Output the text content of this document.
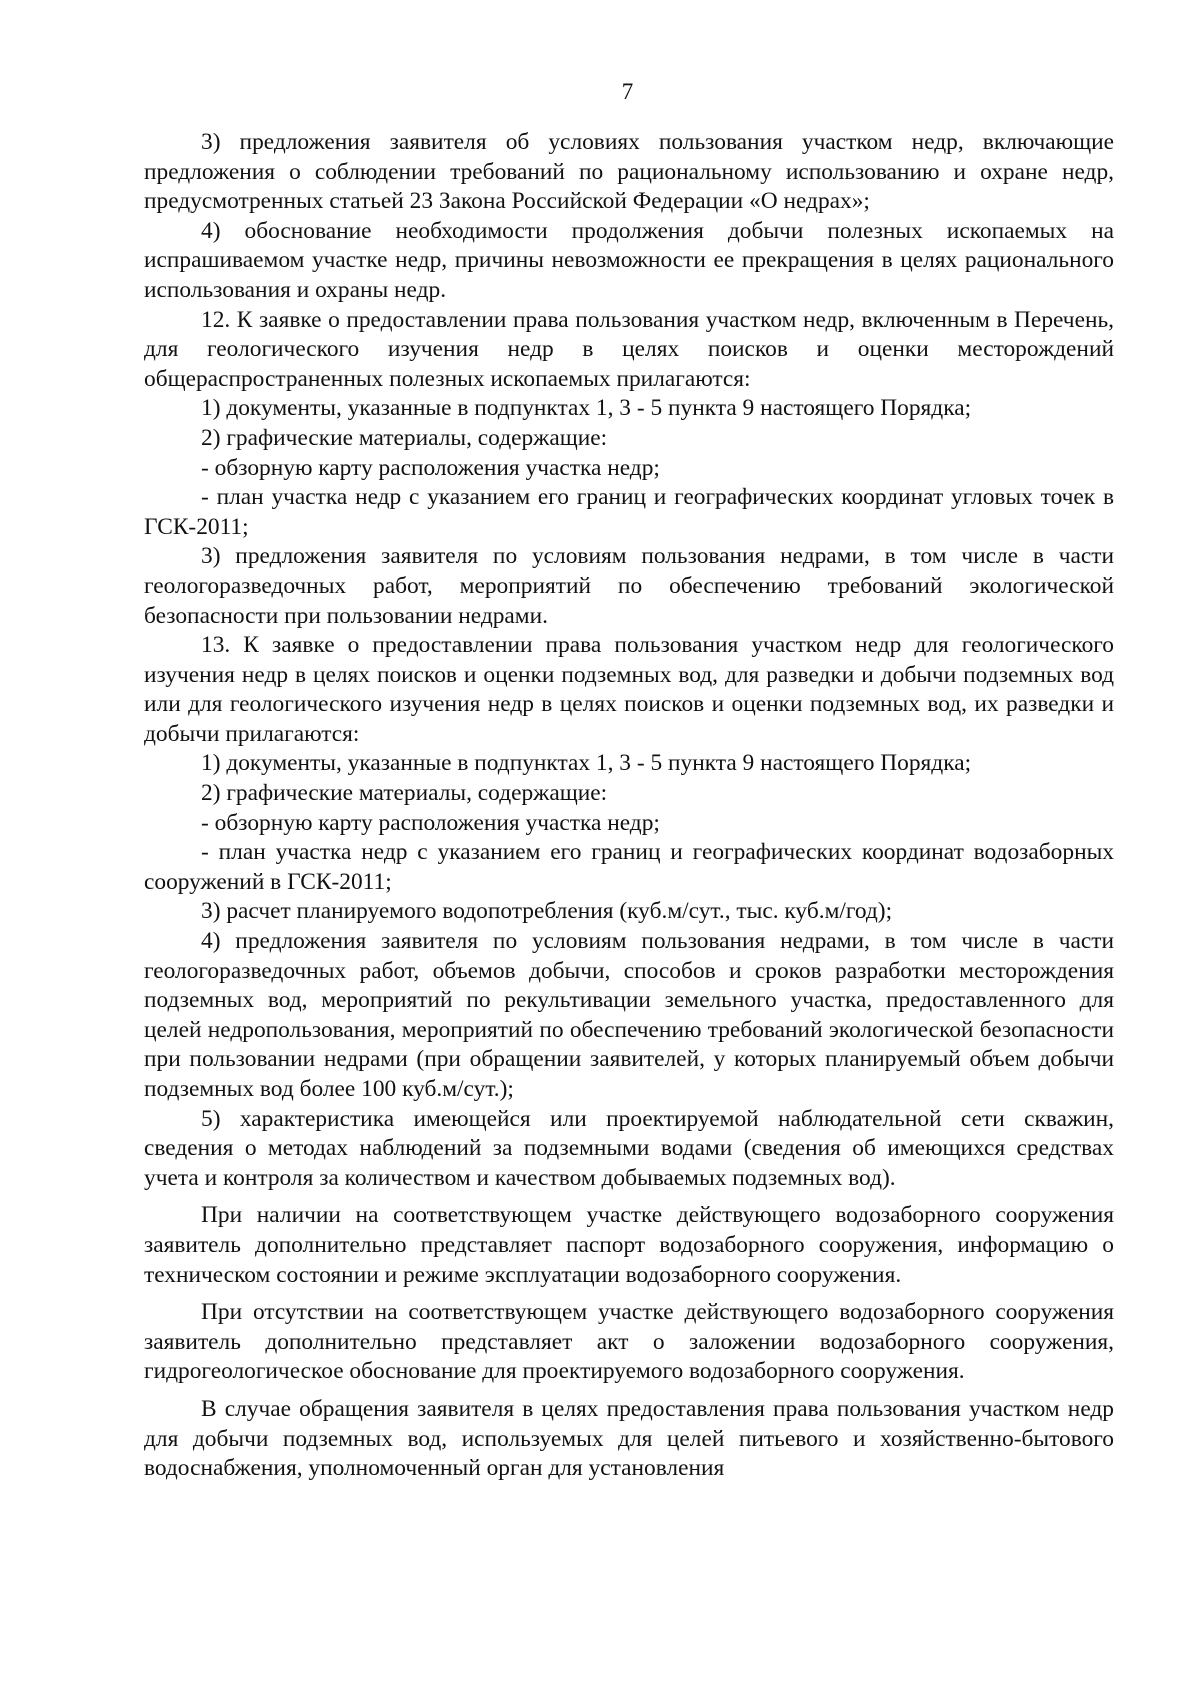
7

3) предложения заявителя об условиях пользования участком недр, включающие предложения о соблюдении требований по рациональному использованию и охране недр, предусмотренных статьей 23 Закона Российской Федерации «О недрах»;

4) обоснование необходимости продолжения добычи полезных ископаемых на испрашиваемом участке недр, причины невозможности ее прекращения в целях рационального использования и охраны недр.

12. К заявке о предоставлении права пользования участком недр, включенным в Перечень, для геологического изучения недр в целях поисков и оценки месторождений общераспространенных полезных ископаемых прилагаются:

1) документы, указанные в подпунктах 1, 3 - 5 пункта 9 настоящего Порядка;

2) графические материалы, содержащие:

- обзорную карту расположения участка недр;

- план участка недр с указанием его границ и географических координат угловых точек в ГСК-2011;

3) предложения заявителя по условиям пользования недрами, в том числе в части геологоразведочных работ, мероприятий по обеспечению требований экологической безопасности при пользовании недрами.

13. К заявке о предоставлении права пользования участком недр для геологического изучения недр в целях поисков и оценки подземных вод, для разведки и добычи подземных вод или для геологического изучения недр в целях поисков и оценки подземных вод, их разведки и добычи прилагаются:

1) документы, указанные в подпунктах 1, 3 - 5 пункта 9 настоящего Порядка;

2) графические материалы, содержащие:

- обзорную карту расположения участка недр;

- план участка недр с указанием его границ и географических координат водозаборных сооружений в ГСК-2011;

3) расчет планируемого водопотребления (куб.м/сут., тыс. куб.м/год);

4) предложения заявителя по условиям пользования недрами, в том числе в части геологоразведочных работ, объемов добычи, способов и сроков разработки месторождения подземных вод, мероприятий по рекультивации земельного участка, предоставленного для целей недропользования, мероприятий по обеспечению требований экологической безопасности при пользовании недрами (при обращении заявителей, у которых планируемый объем добычи подземных вод более 100 куб.м/сут.);

5) характеристика имеющейся или проектируемой наблюдательной сети скважин, сведения о методах наблюдений за подземными водами (сведения об имеющихся средствах учета и контроля за количеством и качеством добываемых подземных вод).

При наличии на соответствующем участке действующего водозаборного сооружения заявитель дополнительно представляет паспорт водозаборного сооружения, информацию о техническом состоянии и режиме эксплуатации водозаборного сооружения.

При отсутствии на соответствующем участке действующего водозаборного сооружения заявитель дополнительно представляет акт о заложении водозаборного сооружения, гидрогеологическое обоснование для проектируемого водозаборного сооружения.

В случае обращения заявителя в целях предоставления права пользования участком недр для добычи подземных вод, используемых для целей питьевого и хозяйственно-бытового водоснабжения, уполномоченный орган для установления
